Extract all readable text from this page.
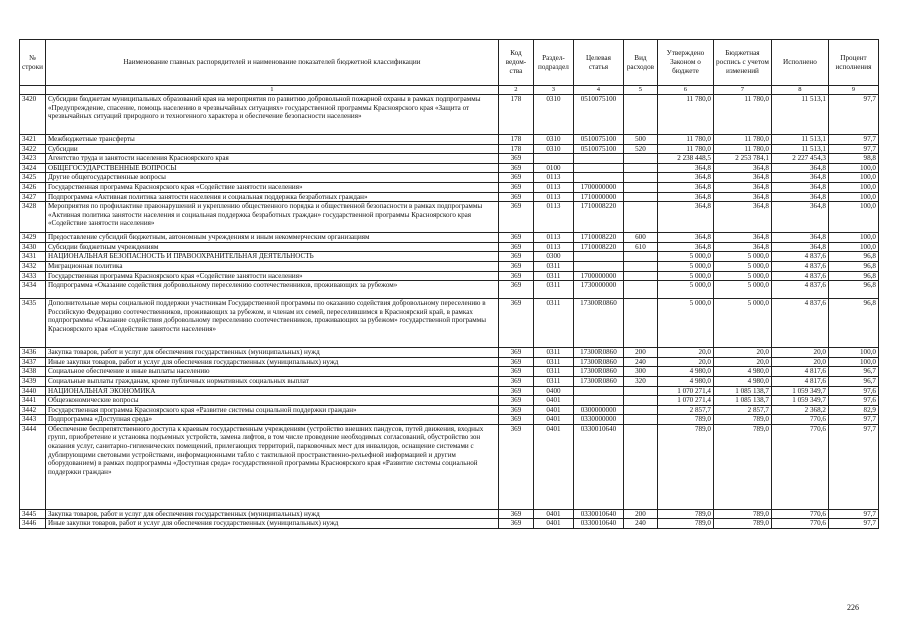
№ строки	Наименование главных распорядителей и наименование показателей бюджетной классификации	Код ведом-ства	Раздел-подраздел	Целевая статья	Вид расходов	Утверждено Законом о бюджете	Бюджетная роспись с учетом изменений	Исполнено	Процент исполнения
	1	2	3	4	5	6	7	8	9
3420	Субсидии бюджетам муниципальных образований края на мероприятия по развитию добровольной пожарной охраны в рамках подпрограммы «Предупреждение, спасение, помощь населению в чрезвычайных ситуациях» государственной программы Красноярского края «Защита от чрезвычайных ситуаций природного и техногенного характера и обеспечение безопасности населения»	178	0310	0510075100		11 780,0	11 780,0	11 513,1	97,7
3421	Межбюджетные трансферты	178	0310	0510075100	500	11 780,0	11 780,0	11 513,1	97,7
3422	Субсидии	178	0310	0510075100	520	11 780,0	11 780,0	11 513,1	97,7
3423	Агентство труда и занятости населения Красноярского края	369				2 238 448,5	2 253 784,1	2 227 454,3	98,8
3424	ОБЩЕГОСУДАРСТВЕННЫЕ ВОПРОСЫ	369	0100			364,8	364,8	364,8	100,0
3425	Другие общегосударственные вопросы	369	0113			364,8	364,8	364,8	100,0
3426	Государственная программа Красноярского края «Содействие занятости населения»	369	0113	1700000000		364,8	364,8	364,8	100,0
3427	Подпрограмма «Активная политика занятости населения и социальная поддержка безработных граждан»	369	0113	1710000000		364,8	364,8	364,8	100,0
3428	Мероприятия по профилактике правонарушений и укреплению общественного порядка и общественной безопасности в рамках подпрограммы «Активная политика занятости населения и социальная поддержка безработных граждан» государственной программы Красноярского края «Содействие занятости населения»	369	0113	1710008220		364,8	364,8	364,8	100,0
3429	Предоставление субсидий бюджетным, автономным учреждениям и иным некоммерческим организациям	369	0113	1710008220	600	364,8	364,8	364,8	100,0
3430	Субсидии бюджетным учреждениям	369	0113	1710008220	610	364,8	364,8	364,8	100,0
3431	НАЦИОНАЛЬНАЯ БЕЗОПАСНОСТЬ И ПРАВООХРАНИТЕЛЬНАЯ ДЕЯТЕЛЬНОСТЬ	369	0300			5 000,0	5 000,0	4 837,6	96,8
3432	Миграционная политика	369	0311			5 000,0	5 000,0	4 837,6	96,8
3433	Государственная программа Красноярского края «Содействие занятости населения»	369	0311	1700000000		5 000,0	5 000,0	4 837,6	96,8
3434	Подпрограмма «Оказание содействия добровольному переселению соотечественников, проживающих за рубежом»	369	0311	1730000000		5 000,0	5 000,0	4 837,6	96,8
3435	Дополнительные меры социальной поддержки участникам Государственной программы по оказанию содействия добровольному переселению в Российскую Федерацию соотечественников, проживающих за рубежом, и членам их семей, переселившимся в Красноярский край, в рамках подпрограммы «Оказание содействия добровольному переселению соотечественников, проживающих за рубежом» государственной программы Красноярского края «Содействие занятости населения»	369	0311	17300R0860		5 000,0	5 000,0	4 837,6	96,8
3436	Закупка товаров, работ и услуг для обеспечения государственных (муниципальных) нужд	369	0311	17300R0860	200	20,0	20,0	20,0	100,0
3437	Иные закупки товаров, работ и услуг для обеспечения государственных (муниципальных) нужд	369	0311	17300R0860	240	20,0	20,0	20,0	100,0
3438	Социальное обеспечение и иные выплаты населению	369	0311	17300R0860	300	4 980,0	4 980,0	4 817,6	96,7
3439	Социальные выплаты гражданам, кроме публичных нормативных социальных выплат	369	0311	17300R0860	320	4 980,0	4 980,0	4 817,6	96,7
3440	НАЦИОНАЛЬНАЯ ЭКОНОМИКА	369	0400			1 070 271,4	1 085 138,7	1 059 349,7	97,6
3441	Общеэкономические вопросы	369	0401			1 070 271,4	1 085 138,7	1 059 349,7	97,6
3442	Государственная программа Красноярского края «Развитие системы социальной поддержки граждан»	369	0401	0300000000		2 857,7	2 857,7	2 368,2	82,9
3443	Подпрограмма «Доступная среда»	369	0401	0330000000		789,0	789,0	770,6	97,7
3444	Обеспечение беспрепятственного доступа к краевым государственным учреждениям (устройство внешних пандусов, путей движения, входных групп, приобретение и установка подъемных устройств, замена лифтов, в том числе проведение необходимых согласований, обустройство зон оказания услуг, санитарно-гигиенических помещений, прилегающих территорий, парковочных мест для инвалидов, оснащение системами с дублирующими световыми устройствами, информационными табло с тактильной пространственно-рельефной информацией и другим оборудованием) в рамках подпрограммы «Доступная среда» государственной программы Красноярского края «Развитие системы социальной поддержки граждан»	369	0401	0330010640		789,0	789,0	770,6	97,7
3445	Закупка товаров, работ и услуг для обеспечения государственных (муниципальных) нужд	369	0401	0330010640	200	789,0	789,0	770,6	97,7
3446	Иные закупки товаров, работ и услуг для обеспечения государственных (муниципальных) нужд	369	0401	0330010640	240	789,0	789,0	770,6	97,7
226
